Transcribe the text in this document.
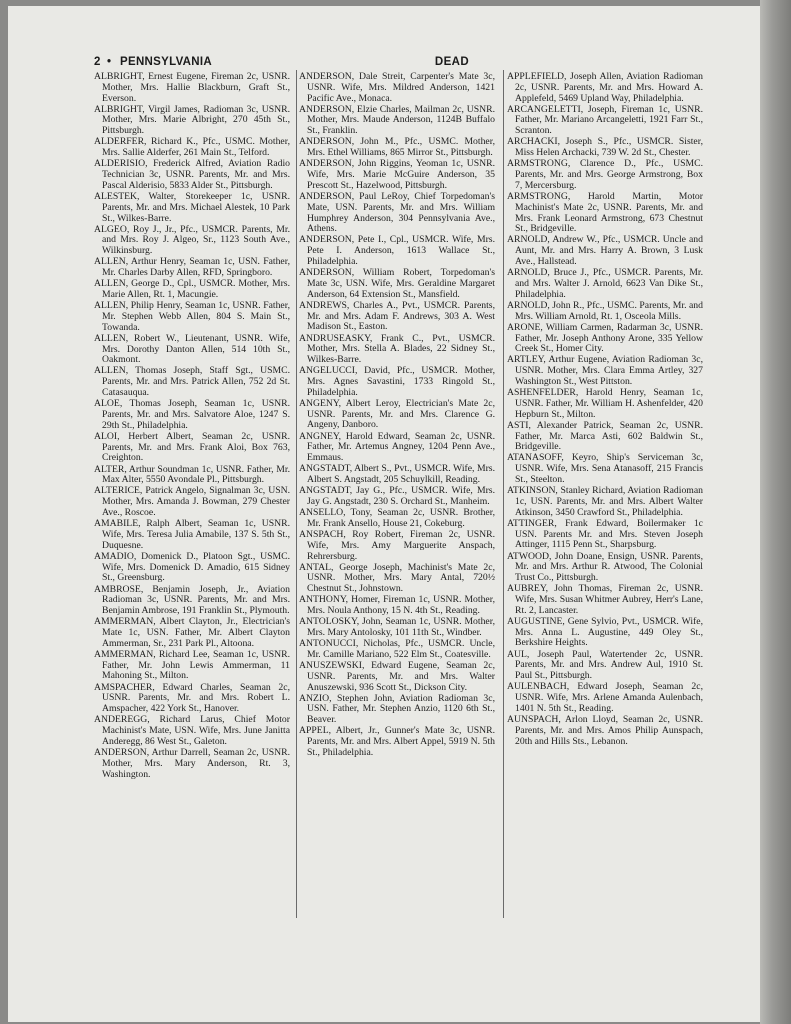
2 • PENNSYLVANIA	DEAD

ALBRIGHT, Ernest Eugene, Fireman 2c, USNR. Mother, Mrs. Hallie Blackburn, Graft St., Everson.

ALBRIGHT, Virgil James, Radioman 3c, USNR. Mother, Mrs. Marie Albright, 270 45th St., Pittsburgh.

ALDERFER, Richard K., Pfc., USMC. Mother, Mrs. Sallie Alderfer, 261 Main St., Telford.

ALDERISIO, Frederick Alfred, Aviation Radio Technician 3c, USNR. Parents, Mr. and Mrs. Pascal Alderisio, 5833 Alder St., Pittsburgh.

ALESTEK, Walter, Storekeeper 1c, USNR. Parents, Mr. and Mrs. Michael Alestek, 10 Park St., Wilkes-Barre.

ALGEO, Roy J., Jr., Pfc., USMCR. Parents, Mr. and Mrs. Roy J. Algeo, Sr., 1123 South Ave., Wilkinsburg.

ALLEN, Arthur Henry, Seaman 1c, USN. Father, Mr. Charles Darby Allen, RFD, Springboro.

ALLEN, George D., Cpl., USMCR. Mother, Mrs. Marie Allen, Rt. 1, Macungie.

ALLEN, Philip Henry, Seaman 1c, USNR. Father, Mr. Stephen Webb Allen, 804 S. Main St., Towanda.

ALLEN, Robert W., Lieutenant, USNR. Wife, Mrs. Dorothy Danton Allen, 514 10th St., Oakmont.

ALLEN, Thomas Joseph, Staff Sgt., USMC. Parents, Mr. and Mrs. Patrick Allen, 752 2d St. Catasauqua.

ALOE, Thomas Joseph, Seaman 1c, USNR. Parents, Mr. and Mrs. Salvatore Aloe, 1247 S. 29th St., Philadelphia.

ALOI, Herbert Albert, Seaman 2c, USNR. Parents, Mr. and Mrs. Frank Aloi, Box 763, Creighton.

ALTER, Arthur Soundman 1c, USNR. Father, Mr. Max Alter, 5550 Avondale Pl., Pittsburgh.

ALTERICE, Patrick Angelo, Signalman 3c, USN. Mother, Mrs. Amanda J. Bowman, 279 Chester Ave., Roscoe.

AMABILE, Ralph Albert, Seaman 1c, USNR. Wife, Mrs. Teresa Julia Amabile, 137 S. 5th St., Duquesne.

AMADIO, Domenick D., Platoon Sgt., USMC. Wife, Mrs. Domenick D. Amadio, 615 Sidney St., Greensburg.

AMBROSE, Benjamin Joseph, Jr., Aviation Radioman 3c, USNR. Parents, Mr. and Mrs. Benjamin Ambrose, 191 Franklin St., Plymouth.

AMMERMAN, Albert Clayton, Jr., Electrician's Mate 1c, USN. Father, Mr. Albert Clayton Ammerman, Sr., 231 Park Pl., Altoona.

AMMERMAN, Richard Lee, Seaman 1c, USNR. Father, Mr. John Lewis Ammerman, 11 Mahoning St., Milton.

AMSPACHER, Edward Charles, Seaman 2c, USNR. Parents, Mr. and Mrs. Robert L. Amspacher, 422 York St., Hanover.

ANDEREGG, Richard Larus, Chief Motor Machinist's Mate, USN. Wife, Mrs. June Janitta Anderegg, 86 West St., Galeton.

ANDERSON, Arthur Darrell, Seaman 2c, USNR. Mother, Mrs. Mary Anderson, Rt. 3, Washington.

ANDERSON, Dale Streit, Carpenter's Mate 3c, USNR. Wife, Mrs. Mildred Anderson, 1421 Pacific Ave., Monaca.

ANDERSON, Elzie Charles, Mailman 2c, USNR. Mother, Mrs. Maude Anderson, 1124B Buffalo St., Franklin.

ANDERSON, John M., Pfc., USMC. Mother, Mrs. Ethel Williams, 865 Mirror St., Pittsburgh.

ANDERSON, John Riggins, Yeoman 1c, USNR. Wife, Mrs. Marie McGuire Anderson, 35 Prescott St., Hazelwood, Pittsburgh.

ANDERSON, Paul LeRoy, Chief Torpedoman's Mate, USN. Parents, Mr. and Mrs. William Humphrey Anderson, 304 Pennsylvania Ave., Athens.

ANDERSON, Pete I., Cpl., USMCR. Wife, Mrs. Pete I. Anderson, 1613 Wallace St., Philadelphia.

ANDERSON, William Robert, Torpedoman's Mate 3c, USN. Wife, Mrs. Geraldine Margaret Anderson, 64 Extension St., Mansfield.

ANDREWS, Charles A., Pvt., USMCR. Parents, Mr. and Mrs. Adam F. Andrews, 303 A. West Madison St., Easton.

ANDRUSEASKY, Frank C., Pvt., USMCR. Mother, Mrs. Stella A. Blades, 22 Sidney St., Wilkes-Barre.

ANGELUCCI, David, Pfc., USMCR. Mother, Mrs. Agnes Savastini, 1733 Ringold St., Philadelphia.

ANGENY, Albert Leroy, Electrician's Mate 2c, USNR. Parents, Mr. and Mrs. Clarence G. Angeny, Danboro.

ANGNEY, Harold Edward, Seaman 2c, USNR. Father, Mr. Artemus Angney, 1204 Penn Ave., Emmaus.

ANGSTADT, Albert S., Pvt., USMCR. Wife, Mrs. Albert S. Angstadt, 205 Schuylkill, Reading.

ANGSTADT, Jay G., Pfc., USMCR. Wife, Mrs. Jay G. Angstadt, 230 S. Orchard St., Manheim.

ANSELLO, Tony, Seaman 2c, USNR. Brother, Mr. Frank Ansello, House 21, Cokeburg.

ANSPACH, Roy Robert, Fireman 2c, USNR. Wife, Mrs. Amy Marguerite Anspach, Rehrersburg.

ANTAL, George Joseph, Machinist's Mate 2c, USNR. Mother, Mrs. Mary Antal, 720½ Chestnut St., Johnstown.

ANTHONY, Homer, Fireman 1c, USNR. Mother, Mrs. Noula Anthony, 15 N. 4th St., Reading.

ANTOLOSKY, John, Seaman 1c, USNR. Mother, Mrs. Mary Antolosky, 101 11th St., Windber.

ANTONUCCI, Nicholas, Pfc., USMCR. Uncle, Mr. Camille Mariano, 522 Elm St., Coatesville.

ANUSZEWSKI, Edward Eugene, Seaman 2c, USNR. Parents, Mr. and Mrs. Walter Anuszewski, 936 Scott St., Dickson City.

ANZIO, Stephen John, Aviation Radioman 3c, USN. Father, Mr. Stephen Anzio, 1120 6th St., Beaver.

APPEL, Albert, Jr., Gunner's Mate 3c, USNR. Parents, Mr. and Mrs. Albert Appel, 5919 N. 5th St., Philadelphia.

APPLEFIELD, Joseph Allen, Aviation Radioman 2c, USNR. Parents, Mr. and Mrs. Howard A. Applefeld, 5469 Upland Way, Philadelphia.

ARCANGELETTI, Joseph, Fireman 1c, USNR. Father, Mr. Mariano Arcangeletti, 1921 Farr St., Scranton.

ARCHACKI, Joseph S., Pfc., USMCR. Sister, Miss Helen Archacki, 739 W. 2d St., Chester.

ARMSTRONG, Clarence D., Pfc., USMC. Parents, Mr. and Mrs. George Armstrong, Box 7, Mercersburg.

ARMSTRONG, Harold Martin, Motor Machinist's Mate 2c, USNR. Parents, Mr. and Mrs. Frank Leonard Armstrong, 673 Chestnut St., Bridgeville.

ARNOLD, Andrew W., Pfc., USMCR. Uncle and Aunt, Mr. and Mrs. Harry A. Brown, 3 Lusk Ave., Hallstead.

ARNOLD, Bruce J., Pfc., USMCR. Parents, Mr. and Mrs. Walter J. Arnold, 6623 Van Dike St., Philadelphia.

ARNOLD, John R., Pfc., USMC. Parents, Mr. and Mrs. William Arnold, Rt. 1, Osceola Mills.

ARONE, William Carmen, Radarman 3c, USNR. Father, Mr. Joseph Anthony Arone, 335 Yellow Creek St., Homer City.

ARTLEY, Arthur Eugene, Aviation Radioman 3c, USNR. Mother, Mrs. Clara Emma Artley, 327 Washington St., West Pittston.

ASHENFELDER, Harold Henry, Seaman 1c, USNR. Father, Mr. William H. Ashenfelder, 420 Hepburn St., Milton.

ASTI, Alexander Patrick, Seaman 2c, USNR. Father, Mr. Marca Asti, 602 Baldwin St., Bridgeville.

ATANASOFF, Keyro, Ship's Serviceman 3c, USNR. Wife, Mrs. Sena Atanasoff, 215 Francis St., Steelton.

ATKINSON, Stanley Richard, Aviation Radioman 1c, USN. Parents, Mr. and Mrs. Albert Walter Atkinson, 3450 Crawford St., Philadelphia.

ATTINGER, Frank Edward, Boilermaker 1c USN. Parents Mr. and Mrs. Steven Joseph Attinger, 1115 Penn St., Sharpsburg.

ATWOOD, John Doane, Ensign, USNR. Parents, Mr. and Mrs. Arthur R. Atwood, The Colonial Trust Co., Pittsburgh.

AUBREY, John Thomas, Fireman 2c, USNR. Wife, Mrs. Susan Whitmer Aubrey, Herr's Lane, Rt. 2, Lancaster.

AUGUSTINE, Gene Sylvio, Pvt., USMCR. Wife, Mrs. Anna L. Augustine, 449 Oley St., Berkshire Heights.

AUL, Joseph Paul, Watertender 2c, USNR. Parents, Mr. and Mrs. Andrew Aul, 1910 St. Paul St., Pittsburgh.

AULENBACH, Edward Joseph, Seaman 2c, USNR. Wife, Mrs. Arlene Amanda Aulenbach, 1401 N. 5th St., Reading.

AUNSPACH, Arlon Lloyd, Seaman 2c, USNR. Parents, Mr. and Mrs. Amos Philip Aunspach, 20th and Hills Sts., Lebanon.
